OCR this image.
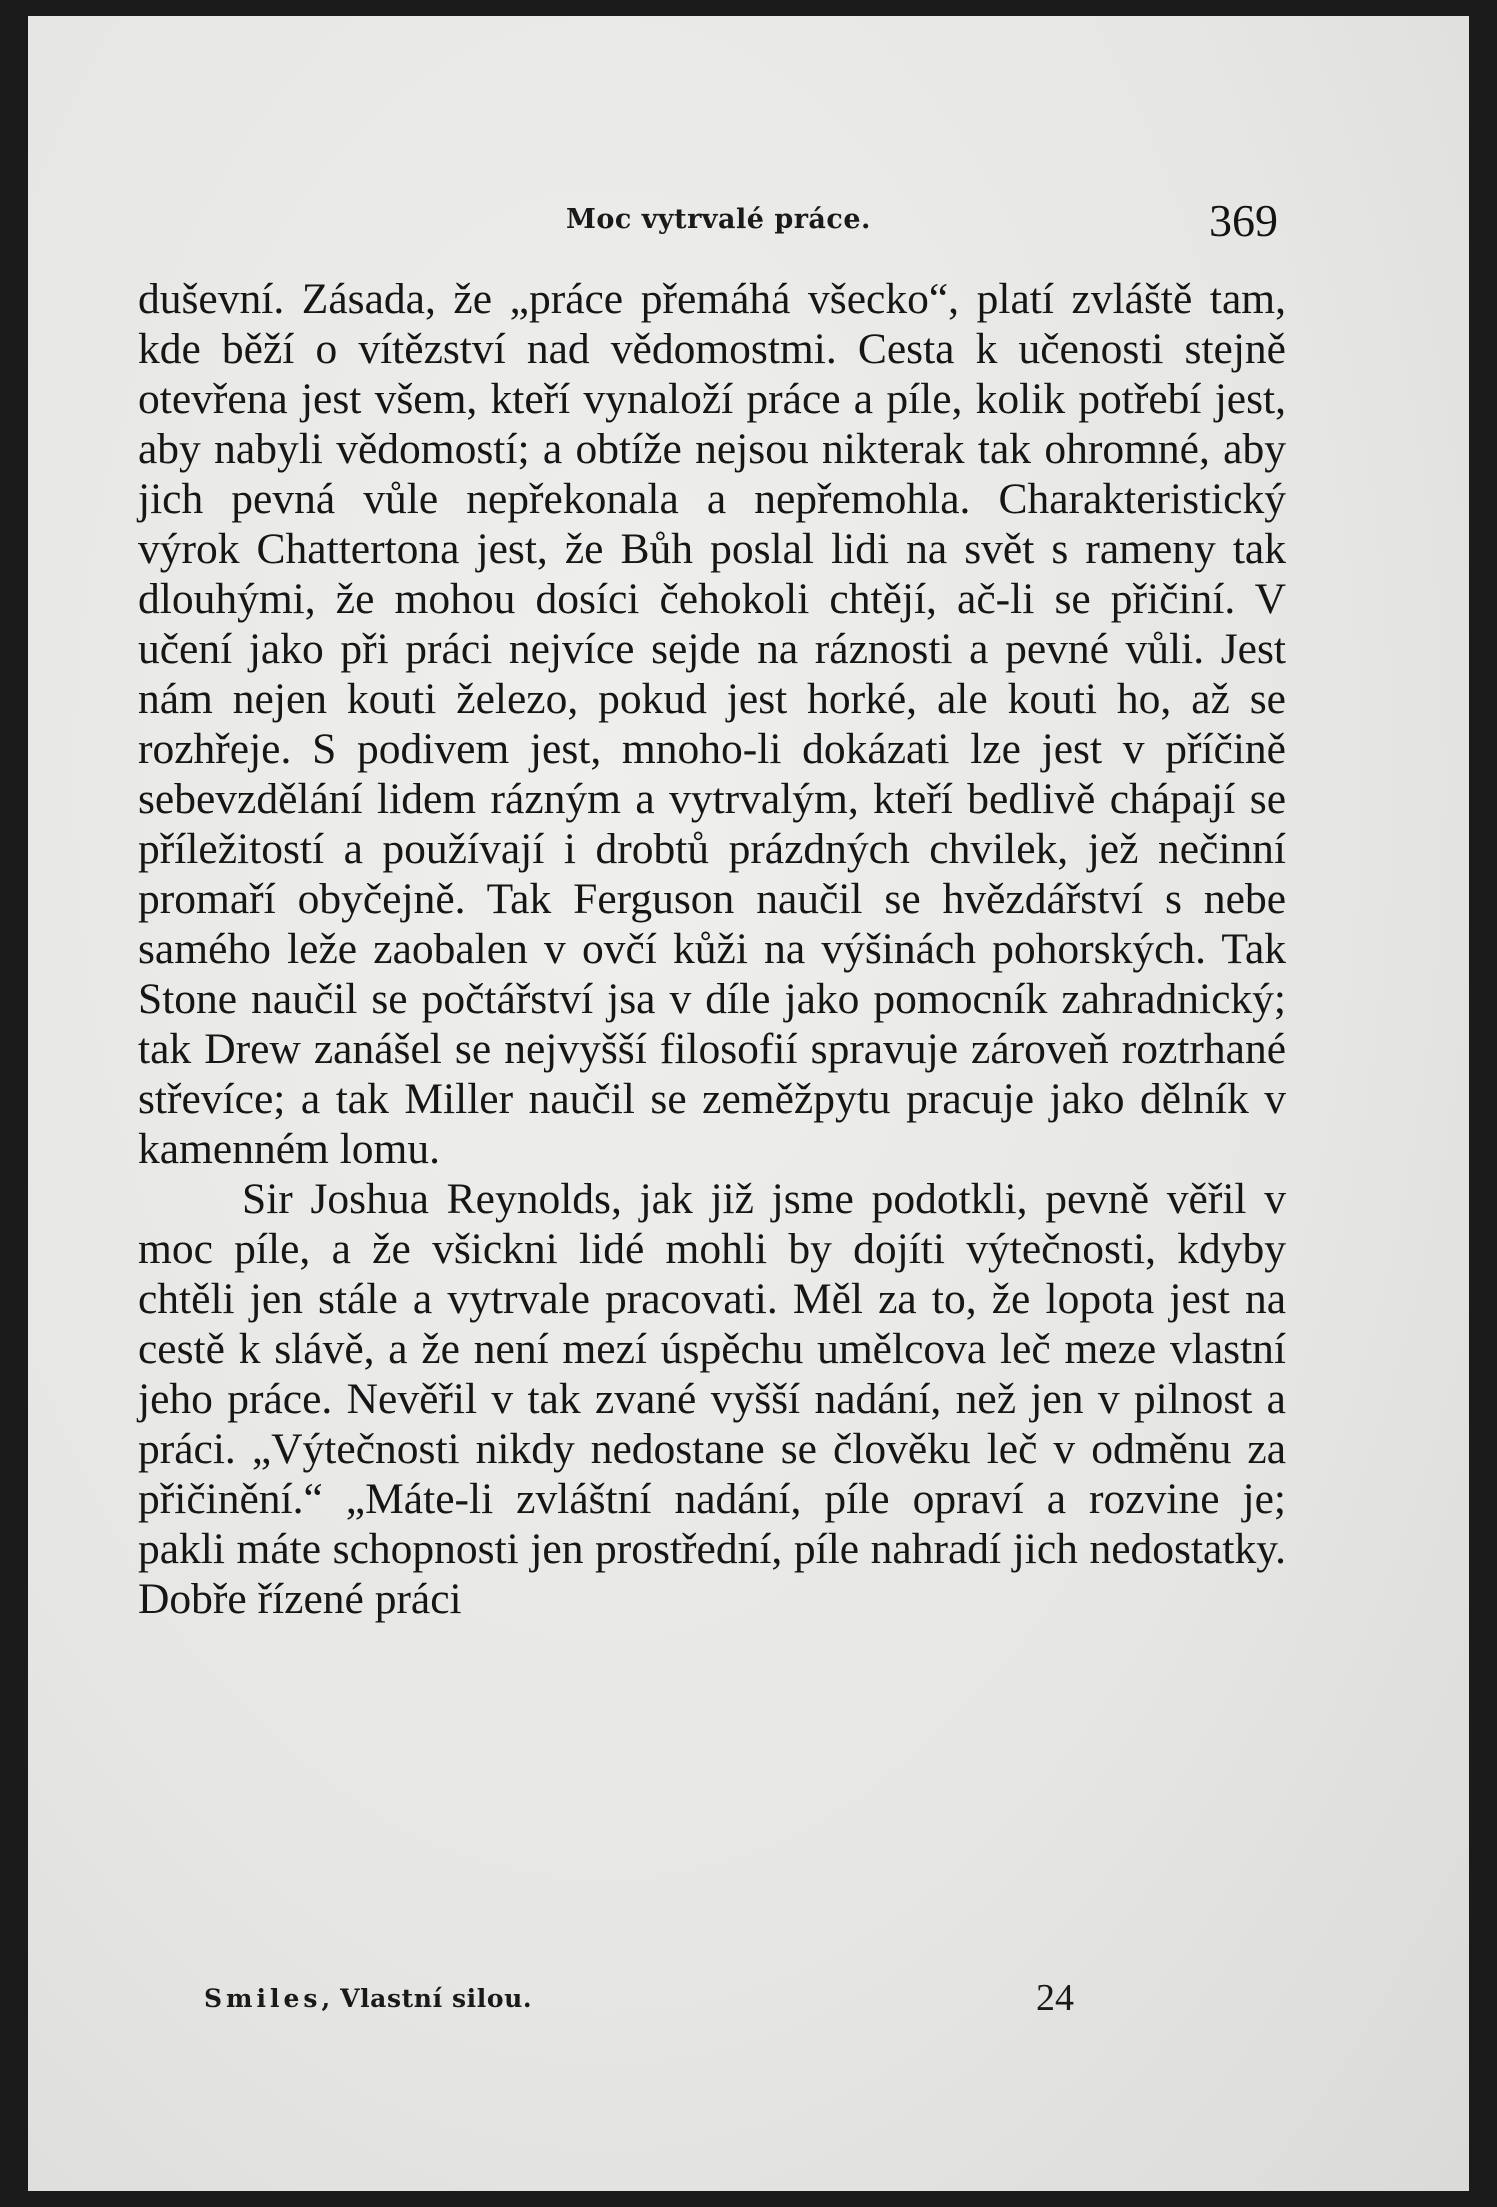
Moc vytrvalé práce.	369

duševní. Zásada, že „práce přemáhá všecko“, platí zvláště tam, kde běží o vítězství nad vědomostmi. Cesta k učenosti stejně otevřena jest všem, kteří vynaloží práce a píle, kolik potřebí jest, aby nabyli vědomostí; a obtíže nejsou nikterak tak ohromné, aby jich pevná vůle nepřekonala a nepřemohla. Charakteristický výrok Chattertona jest, že Bůh poslal lidi na svět s rameny tak dlouhými, že mohou dosíci čehokoli chtějí, ač-li se přičiní. V učení jako při práci nejvíce sejde na ráznosti a pevné vůli. Jest nám nejen kouti železo, pokud jest horké, ale kouti ho, až se rozhřeje. S podivem jest, mnoho-li dokázati lze jest v příčině sebevzdělání lidem rázným a vytrvalým, kteří bedlivě chápají se příležitostí a používají i drobtů prázdných chvilek, jež nečinní promaří obyčejně. Tak Ferguson naučil se hvězdářství s nebe samého leže zaobalen v ovčí kůži na výšinách pohorských. Tak Stone naučil se počtářství jsa v díle jako pomocník zahradnický; tak Drew zanášel se nejvyšší filosofií spravuje zároveň roztrhané střevíce; a tak Miller naučil se zeměžpytu pracuje jako dělník v kamenném lomu.

Sir Joshua Reynolds, jak již jsme podotkli, pevně věřil v moc píle, a že všickni lidé mohli by dojíti výtečnosti, kdyby chtěli jen stále a vytrvale pracovati. Měl za to, že lopota jest na cestě k slávě, a že není mezí úspěchu umělcova leč meze vlastní jeho práce. Nevěřil v tak zvané vyšší nadání, než jen v pilnost a práci. „Výtečnosti nikdy nedostane se člověku leč v odměnu za přičinění.“ „Máte-li zvláštní nadání, píle opraví a rozvine je; pakli máte schopnosti jen prostřední, píle nahradí jich nedostatky. Dobře řízené práci

Smiles, Vlastní silou.	24
